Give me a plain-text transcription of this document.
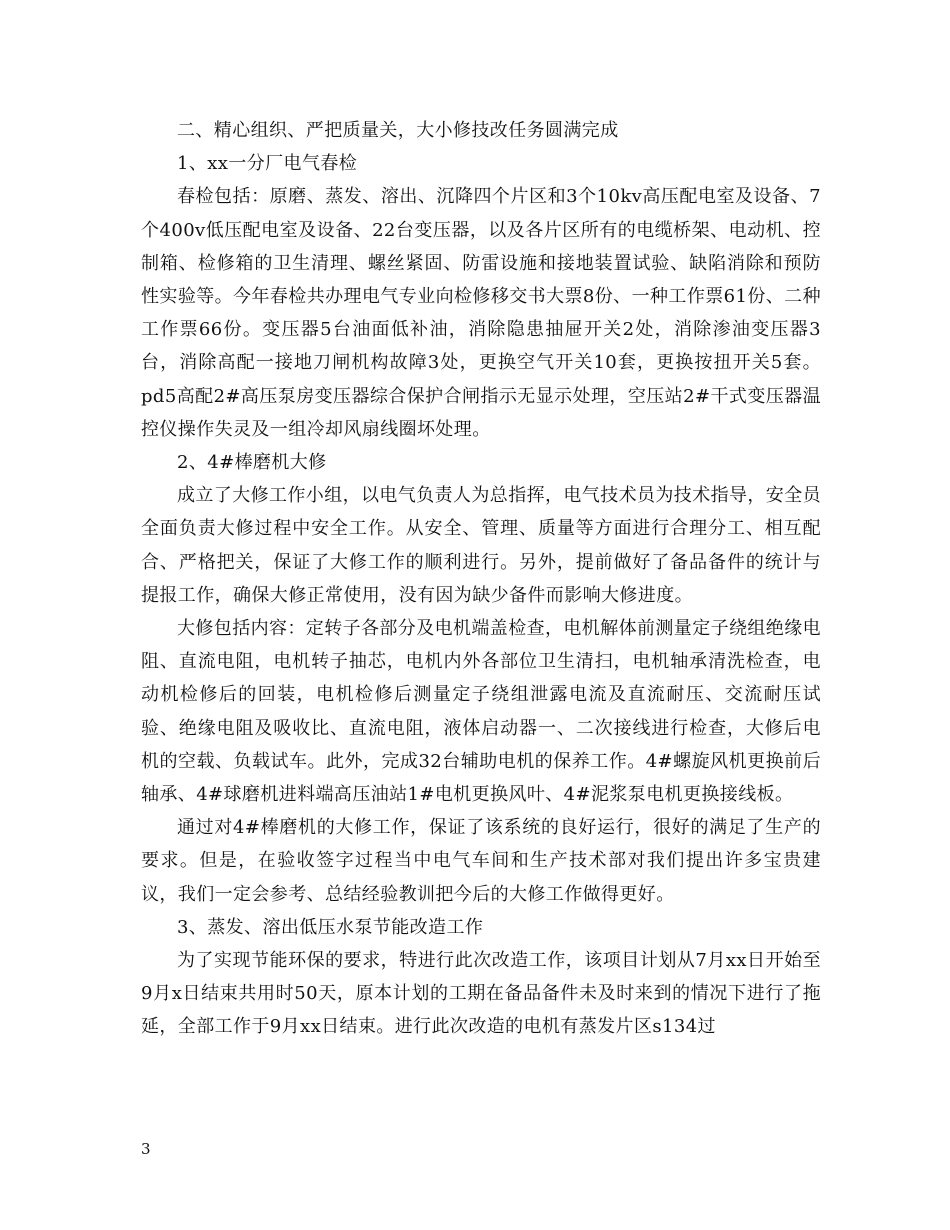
二、精心组织、严把质量关，大小修技改任务圆满完成

1、xx一分厂电气春检

春检包括：原磨、蒸发、溶出、沉降四个片区和3个10kv高压配电室及设备、7个400v低压配电室及设备、22台变压器，以及各片区所有的电缆桥架、电动机、控制箱、检修箱的卫生清理、螺丝紧固、防雷设施和接地装置试验、缺陷消除和预防性实验等。今年春检共办理电气专业向检修移交书大票8份、一种工作票61份、二种工作票66份。变压器5台油面低补油，消除隐患抽屉开关2处，消除渗油变压器3台，消除高配一接地刀闸机构故障3处，更换空气开关10套，更换按扭开关5套。pd5高配2#高压泵房变压器综合保护合闸指示无显示处理，空压站2#干式变压器温控仪操作失灵及一组冷却风扇线圈坏处理。

2、4#棒磨机大修

成立了大修工作小组，以电气负责人为总指挥，电气技术员为技术指导，安全员全面负责大修过程中安全工作。从安全、管理、质量等方面进行合理分工、相互配合、严格把关，保证了大修工作的顺利进行。另外，提前做好了备品备件的统计与提报工作，确保大修正常使用，没有因为缺少备件而影响大修进度。

大修包括内容：定转子各部分及电机端盖检查，电机解体前测量定子绕组绝缘电阻、直流电阻，电机转子抽芯，电机内外各部位卫生清扫，电机轴承清洗检查，电动机检修后的回装，电机检修后测量定子绕组泄露电流及直流耐压、交流耐压试验、绝缘电阻及吸收比、直流电阻，液体启动器一、二次接线进行检查，大修后电机的空载、负载试车。此外，完成32台辅助电机的保养工作。4#螺旋风机更换前后轴承、4#球磨机进料端高压油站1#电机更换风叶、4#泥浆泵电机更换接线板。

通过对4#棒磨机的大修工作，保证了该系统的良好运行，很好的满足了生产的要求。但是，在验收签字过程当中电气车间和生产技术部对我们提出许多宝贵建议，我们一定会参考、总结经验教训把今后的大修工作做得更好。

3、蒸发、溶出低压水泵节能改造工作

为了实现节能环保的要求，特进行此次改造工作，该项目计划从7月xx日开始至9月x日结束共用时50天，原本计划的工期在备品备件未及时来到的情况下进行了拖延，全部工作于9月xx日结束。进行此次改造的电机有蒸发片区s134过

3
